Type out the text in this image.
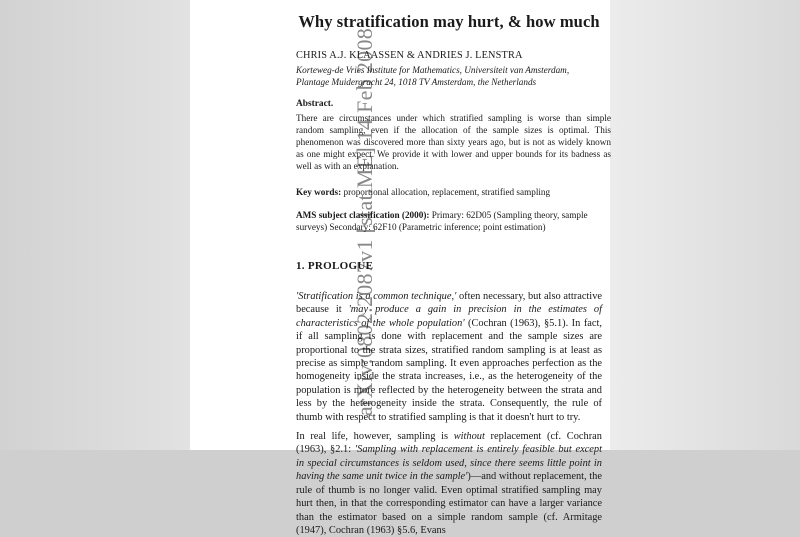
arXiv:0802.2087v1 [stat.ME] 14 Feb 2008
Why stratification may hurt, & how much
CHRIS A.J. KLAASSEN & ANDRIES J. LENSTRA
Korteweg-de Vries Institute for Mathematics, Universiteit van Amsterdam,
Plantage Muidergracht 24, 1018 TV Amsterdam, the Netherlands
Abstract.
There are circumstances under which stratified sampling is worse than simple random sampling, even if the allocation of the sample sizes is optimal. This phenomenon was discovered more than sixty years ago, but is not as widely known as one might expect. We provide it with lower and upper bounds for its badness as well as with an explanation.
Key words: proportional allocation, replacement, stratified sampling
AMS subject classification (2000): Primary: 62D05 (Sampling theory, sample surveys) Secondary: 62F10 (Parametric inference; point estimation)
1. PROLOGUE
'Stratification is a common technique,' often necessary, but also attractive because it 'may produce a gain in precision in the estimates of characteristics of the whole population' (Cochran (1963), §5.1). In fact, if all sampling is done with replacement and the sample sizes are proportional to the strata sizes, stratified random sampling is at least as precise as simple random sampling. It even approaches perfection as the homogeneity inside the strata increases, i.e., as the heterogeneity of the population is more reflected by the heterogeneity between the strata and less by the heterogeneity inside the strata. Consequently, the rule of thumb with respect to stratified sampling is that it doesn't hurt to try.
In real life, however, sampling is without replacement (cf. Cochran (1963), §2.1: 'Sampling with replacement is entirely feasible but except in special circumstances is seldom used, since there seems little point in having the same unit twice in the sample')—and without replacement, the rule of thumb is no longer valid. Even optimal stratified sampling may hurt then, in that the corresponding estimator can have a larger variance than the estimator based on a simple random sample (cf. Armitage (1947), Cochran (1963) §5.6, Evans
